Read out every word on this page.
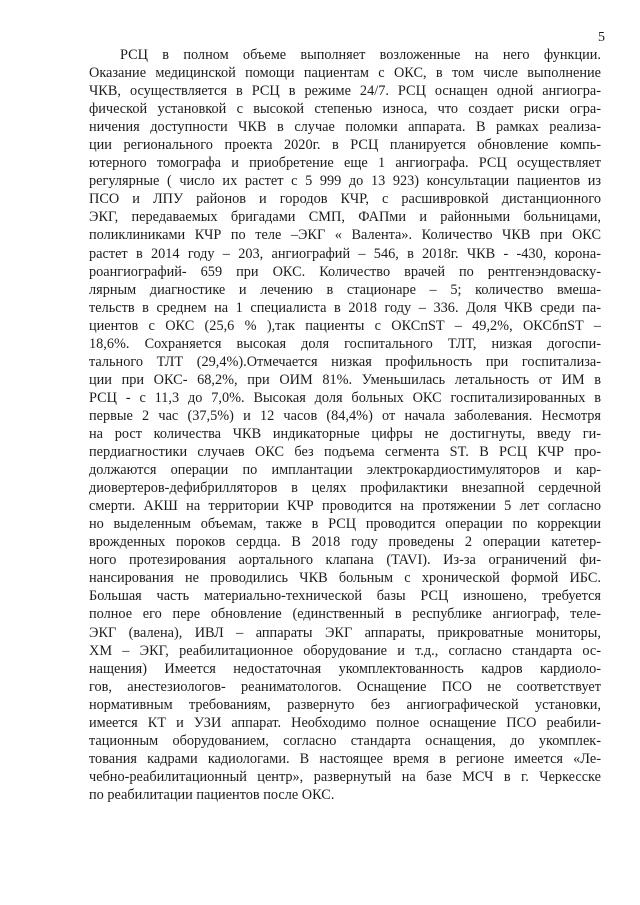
5
РСЦ в полном объеме выполняет возложенные на него функции.
Оказание медицинской помощи пациентам с ОКС, в том числе выполнение
ЧКВ, осуществляется в РСЦ в режиме 24/7. РСЦ оснащен одной ангиогра-
фической установкой с высокой степенью износа, что создает риски огра-
ничения доступности ЧКВ в случае поломки аппарата. В рамках реализа-
ции регионального проекта 2020г. в РСЦ планируется обновление компь-
ютерного томографа и приобретение еще 1 ангиографа. РСЦ осуществляет
регулярные ( число их растет с 5 999 до 13 923) консультации пациентов из
ПСО и ЛПУ районов и городов КЧР, с расшивровкой дистанционного
ЭКГ, передаваемых бригадами СМП, ФАПми и районными больницами,
поликлиниками КЧР по теле –ЭКГ « Валента». Количество ЧКВ при ОКС
растет в 2014 году – 203, ангиографий – 546, в 2018г. ЧКВ - -430, корона-
роангиографий- 659 при ОКС. Количество врачей по рентгенэндоваску-
лярным диагностике и лечению в стационаре – 5; количество вмеша-
тельств в среднем на 1 специалиста в 2018 году – 336. Доля ЧКВ среди па-
циентов с ОКС (25,6 % ),так пациенты с ОКСпST – 49,2%, ОКСбпST –
18,6%. Сохраняется высокая доля госпитального ТЛТ, низкая догоспи-
тального ТЛТ (29,4%).Отмечается низкая профильность при госпитализа-
ции при ОКС- 68,2%, при ОИМ 81%. Уменьшилась летальность от ИМ в
РСЦ - с 11,3 до 7,0%. Высокая доля больных ОКС госпитализированных в
первые 2 час (37,5%) и 12 часов (84,4%) от начала заболевания. Несмотря
на рост количества ЧКВ индикаторные цифры не достигнуты, введу ги-
пердиагностики случаев ОКС без подъема сегмента ST. В РСЦ КЧР про-
должаются операции по имплантации электрокардиостимуляторов и кар-
диовертеров-дефибрилляторов в целях профилактики внезапной сердечной
смерти. АКШ на территории КЧР проводится на протяжении 5 лет согласно
но выделенным объемам, также в РСЦ проводится операции по коррекции
врожденных пороков сердца. В 2018 году проведены 2 операции катетер-
ного протезирования аортального клапана (TAVI). Из-за ограничений фи-
нансирования не проводились ЧКВ больным с хронической формой ИБС.
Большая часть материально-технической базы РСЦ изношено, требуется
полное его пере обновление (единственный в республике ангиограф, теле-
ЭКГ (валена), ИВЛ – аппараты ЭКГ аппараты, прикроватные мониторы,
ХМ – ЭКГ, реабилитационное оборудование и т.д., согласно стандарта ос-
нащения) Имеется недостаточная укомплектованность кадров кардиоло-
гов, анестезиологов- реаниматологов. Оснащение ПСО не соответствует
нормативным требованиям, развернуто без ангиографической установки,
имеется КТ и УЗИ аппарат. Необходимо полное оснащение ПСО реабили-
тационным оборудованием, согласно стандарта оснащения, до укомплек-
тования кадрами кадиологами. В настоящее время в регионе имеется «Ле-
чебно-реабилитационный центр», развернутый на базе МСЧ в г. Черкесске
по реабилитации пациентов после ОКС.
